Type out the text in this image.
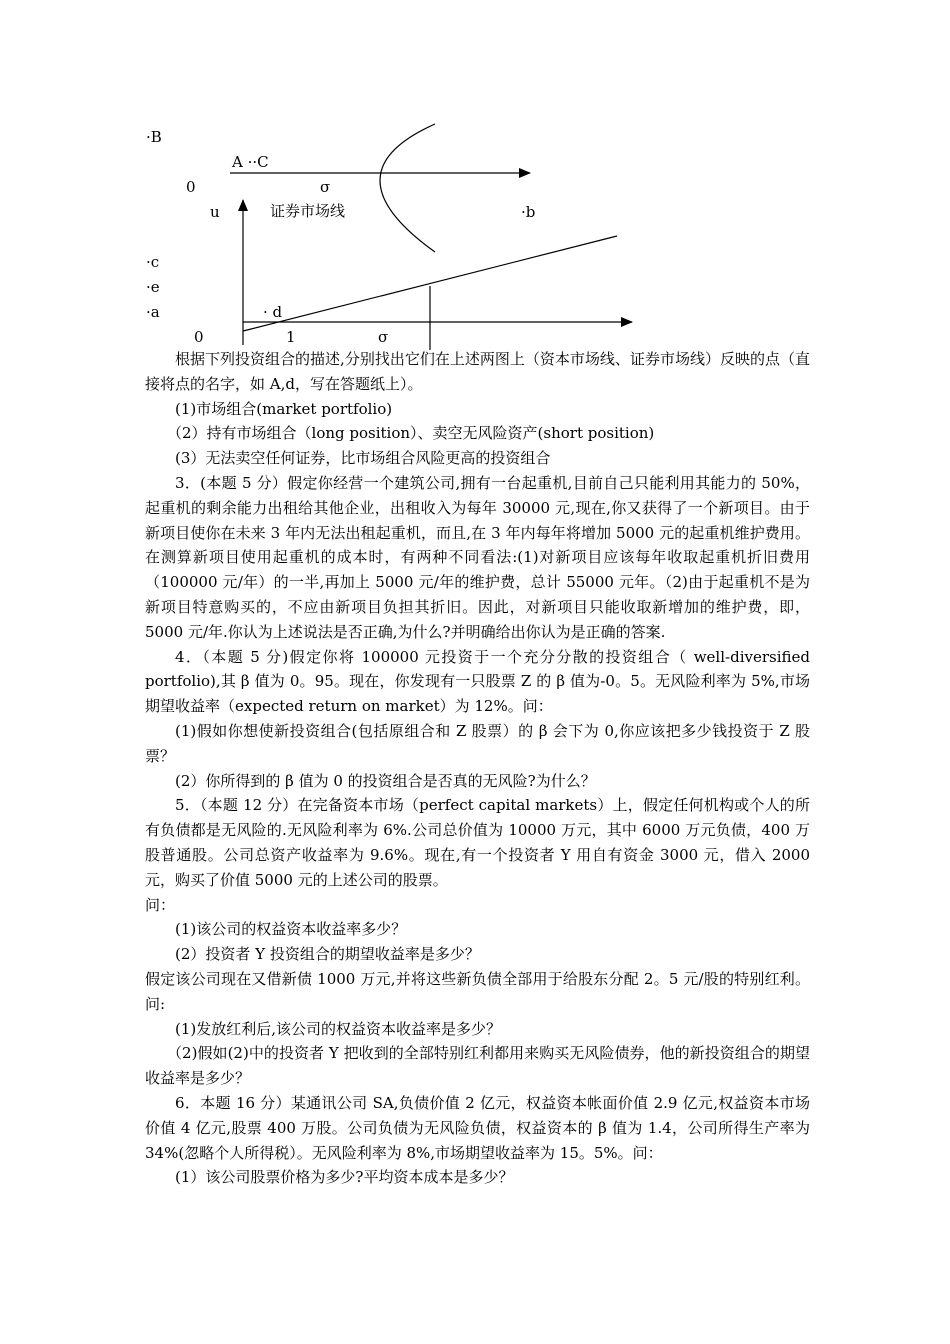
·B
A ··C
0	σ
u	证券市场线	·b
·c
·e
·a	· d
0	1	σ

根据下列投资组合的描述,分别找出它们在上述两图上（资本市场线、证券市场线）反映的点（直接将点的名字，如 A,d，写在答题纸上）。

(1)市场组合(market portfolio)

（2）持有市场组合（long position）、卖空无风险资产(short position)

(3）无法卖空任何证券，比市场组合风险更高的投资组合

3．(本题 5 分）假定你经营一个建筑公司,拥有一台起重机,目前自己只能利用其能力的 50%，起重机的剩余能力出租给其他企业，出租收入为每年 30000 元,现在,你又获得了一个新项目。由于新项目使你在未来 3 年内无法出租起重机，而且,在 3 年内每年将增加 5000 元的起重机维护费用。在测算新项目使用起重机的成本时，有两种不同看法:(1)对新项目应该每年收取起重机折旧费用（100000 元/年）的一半,再加上 5000 元/年的维护费，总计 55000 元年。（2)由于起重机不是为新项目特意购买的，不应由新项目负担其折旧。因此，对新项目只能收取新增加的维护费，即，5000 元/年.你认为上述说法是否正确,为什么?并明确给出你认为是正确的答案.

4．（本题 5 分)假定你将 100000 元投资于一个充分分散的投资组合（ well-diversified portfolio),其 β 值为 0。95。现在，你发现有一只股票 Z 的 β 值为-0。5。无风险利率为 5%,市场期望收益率（expected return on market）为 12%。问：

(1)假如你想使新投资组合(包括原组合和 Z 股票）的 β 会下为 0,你应该把多少钱投资于 Z 股票？

(2）你所得到的 β 值为 0 的投资组合是否真的无风险?为什么？

5．（本题 12 分）在完备资本市场（perfect capital markets）上，假定任何机构或个人的所有负债都是无风险的.无风险利率为 6%.公司总价值为 10000 万元，其中 6000 万元负债，400 万股普通股。公司总资产收益率为 9.6%。现在,有一个投资者 Y 用自有资金 3000 元，借入 2000 元，购买了价值 5000 元的上述公司的股票。

问：

(1)该公司的权益资本收益率多少？

(2）投资者 Y 投资组合的期望收益率是多少？

假定该公司现在又借新债 1000 万元,并将这些新负债全部用于给股东分配 2。5 元/股的特别红利。问:

(1)发放红利后,该公司的权益资本收益率是多少？

（2)假如(2)中的投资者 Y 把收到的全部特别红利都用来购买无风险债券，他的新投资组合的期望收益率是多少？

6．本题 16 分）某通讯公司 SA,负债价值 2 亿元，权益资本帐面价值 2.9 亿元,权益资本市场价值 4 亿元,股票 400 万股。公司负债为无风险负债，权益资本的 β 值为 1.4，公司所得生产率为 34%(忽略个人所得税）。无风险利率为 8%,市场期望收益率为 15。5%。问：

(1）该公司股票价格为多少?平均资本成本是多少？
